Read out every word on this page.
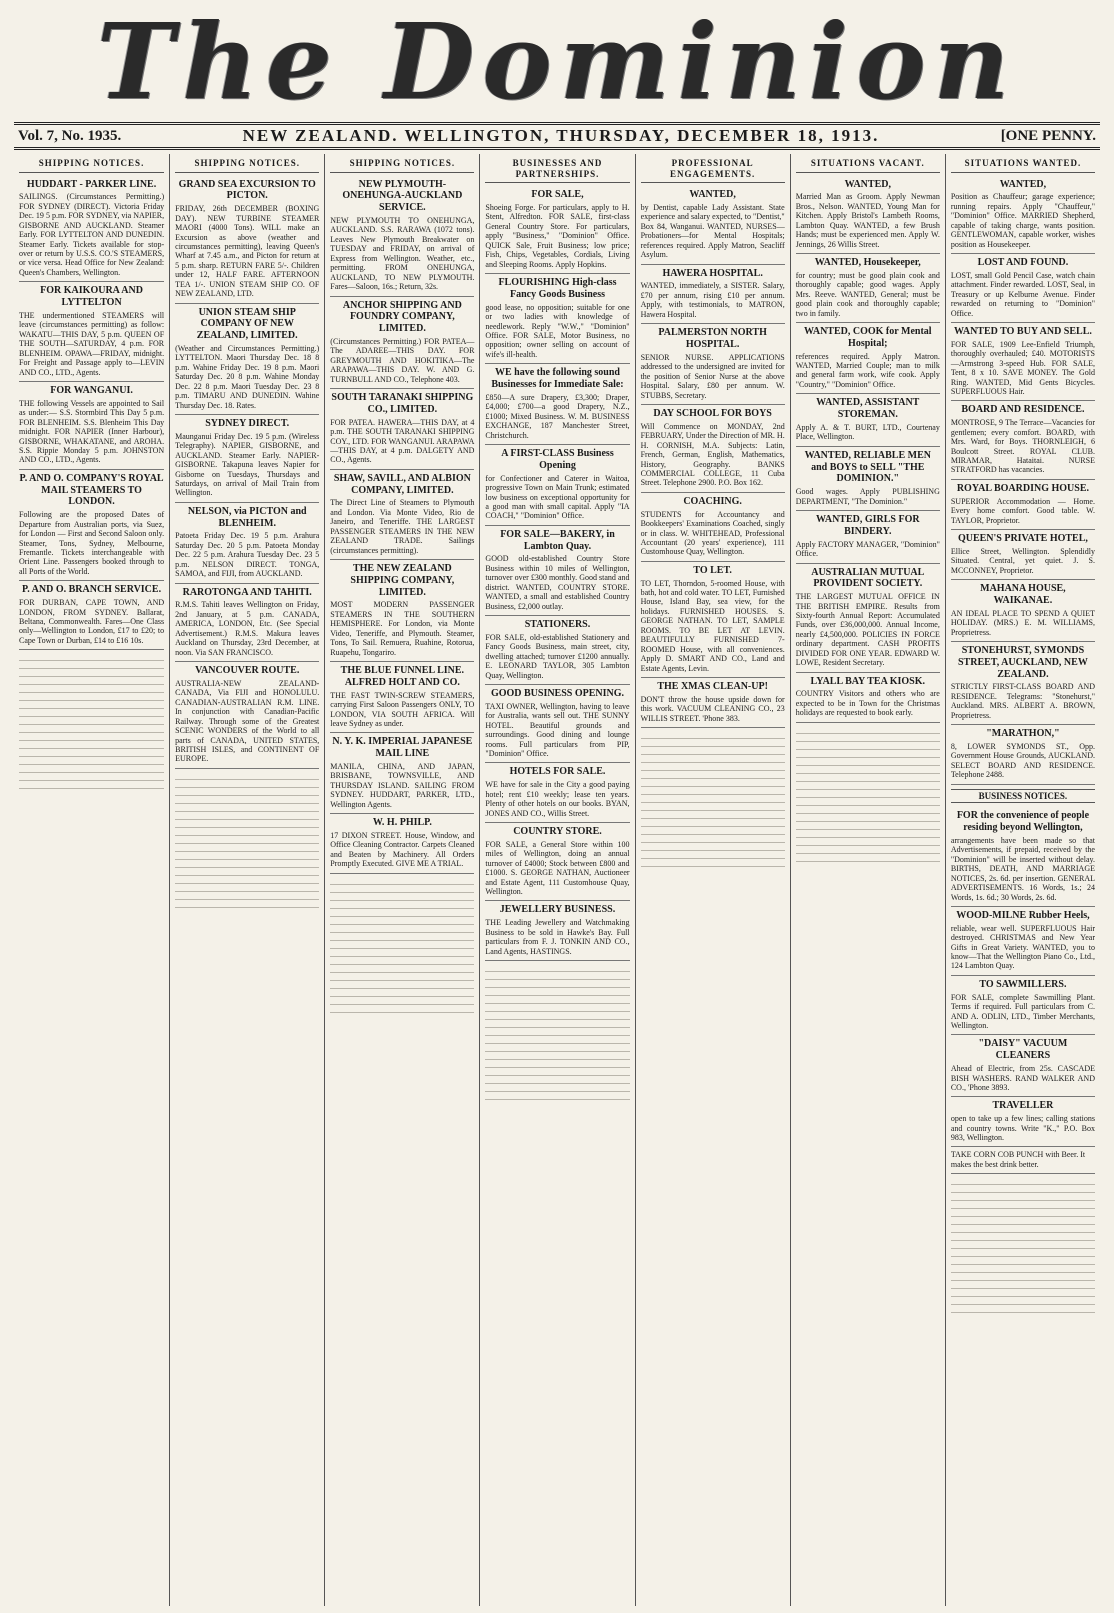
The Dominion
Vol. 7, No. 1935.	NEW ZEALAND. WELLINGTON, THURSDAY, DECEMBER 18, 1913.	[ONE PENNY.
SHIPPING NOTICES.
HUDDART - PARKER LINE.
SAILINGS. (Circumstances Permitting.) FOR SYDNEY (DIRECT). Victoria Friday Dec. 19 5 p.m. FOR SYDNEY, via NAPIER, GISBORNE AND AUCKLAND. Steamer Early. FOR LYTTELTON AND DUNEDIN. Steamer Early. Tickets available for stop-over or return by U.S.S. CO.'S STEAMERS, or vice versa. Head Office for New Zealand: Queen's Chambers, Wellington.
FOR KAIKOURA AND LYTTELTON
THE undermentioned STEAMERS will leave (circumstances permitting) as follow: WAKATU—THIS DAY, 5 p.m. QUEEN OF THE SOUTH—SATURDAY, 4 p.m. FOR BLENHEIM. OPAWA—FRIDAY, midnight. For Freight and Passage apply to—LEVIN AND CO., LTD., Agents.
FOR WANGANUI.
THE following Vessels are appointed to Sail as under:— S.S. Stormbird This Day 5 p.m. FOR BLENHEIM. S.S. Blenheim This Day midnight. FOR NAPIER (Inner Harbour), GISBORNE, WHAKATANE, and AROHA. S.S. Rippie Monday 5 p.m. JOHNSTON AND CO., LTD., Agents.
P. AND O. COMPANY'S ROYAL MAIL STEAMERS TO LONDON.
Following are the proposed Dates of Departure from Australian ports, via Suez, for London — First and Second Saloon only. Steamer, Tons, Sydney, Melbourne, Fremantle. Tickets interchangeable with Orient Line. Passengers booked through to all Ports of the World.
P. AND O. BRANCH SERVICE.
FOR DURBAN, CAPE TOWN, AND LONDON, FROM SYDNEY. Ballarat, Beltana, Commonwealth. Fares—One Class only—Wellington to London, £17 to £20; to Cape Town or Durban, £14 to £16 10s.
SHIPPING NOTICES.
GRAND SEA EXCURSION TO PICTON.
FRIDAY, 26th DECEMBER (BOXING DAY). NEW TURBINE STEAMER MAORI (4000 Tons). WILL make an Excursion as above (weather and circumstances permitting), leaving Queen's Wharf at 7.45 a.m., and Picton for return at 5 p.m. sharp. RETURN FARE 5/-. Children under 12, HALF FARE. AFTERNOON TEA 1/-. UNION STEAM SHIP CO. OF NEW ZEALAND, LTD.
UNION STEAM SHIP COMPANY OF NEW ZEALAND, LIMITED.
(Weather and Circumstances Permitting.) LYTTELTON. Maori Thursday Dec. 18 8 p.m. Wahine Friday Dec. 19 8 p.m. Maori Saturday Dec. 20 8 p.m. Wahine Monday Dec. 22 8 p.m. Maori Tuesday Dec. 23 8 p.m. TIMARU AND DUNEDIN. Wahine Thursday Dec. 18. Rates.
SYDNEY DIRECT.
Maunganui Friday Dec. 19 5 p.m. (Wireless Telegraphy). NAPIER, GISBORNE, and AUCKLAND. Steamer Early. NAPIER-GISBORNE. Takapuna leaves Napier for Gisborne on Tuesdays, Thursdays and Saturdays, on arrival of Mail Train from Wellington.
NELSON, via PICTON and BLENHEIM.
Patoeta Friday Dec. 19 5 p.m. Arahura Saturday Dec. 20 5 p.m. Patoeta Monday Dec. 22 5 p.m. Arahura Tuesday Dec. 23 5 p.m. NELSON DIRECT. TONGA, SAMOA, and FIJI, from AUCKLAND.
RAROTONGA AND TAHITI.
R.M.S. Tahiti leaves Wellington on Friday, 2nd January, at 5 p.m. CANADA, AMERICA, LONDON, Etc. (See Special Advertisement.) R.M.S. Makura leaves Auckland on Thursday, 23rd December, at noon. Via SAN FRANCISCO.
VANCOUVER ROUTE.
AUSTRALIA-NEW ZEALAND-CANADA, Via FIJI and HONOLULU. CANADIAN-AUSTRALIAN R.M. LINE. In conjunction with Canadian-Pacific Railway. Through some of the Greatest SCENIC WONDERS of the World to all parts of CANADA, UNITED STATES, BRITISH ISLES, and CONTINENT OF EUROPE.
SHIPPING NOTICES.
NEW PLYMOUTH-ONEHUNGA-AUCKLAND SERVICE.
NEW PLYMOUTH TO ONEHUNGA, AUCKLAND. S.S. RARAWA (1072 tons). Leaves New Plymouth Breakwater on TUESDAY and FRIDAY, on arrival of Express from Wellington. Weather, etc., permitting. FROM ONEHUNGA, AUCKLAND, TO NEW PLYMOUTH. Fares—Saloon, 16s.; Return, 32s.
ANCHOR SHIPPING AND FOUNDRY COMPANY, LIMITED.
(Circumstances Permitting.) FOR PATEA—The ADAREE—THIS DAY. FOR GREYMOUTH AND HOKITIKA—The ARAPAWA—THIS DAY. W. AND G. TURNBULL AND CO., Telephone 403.
SOUTH TARANAKI SHIPPING CO., LIMITED.
FOR PATEA. HAWERA—THIS DAY, at 4 p.m. THE SOUTH TARANAKI SHIPPING COY., LTD. FOR WANGANUI. ARAPAWA—THIS DAY, at 4 p.m. DALGETY AND CO., Agents.
SHAW, SAVILL, AND ALBION COMPANY, LIMITED.
The Direct Line of Steamers to Plymouth and London. Via Monte Video, Rio de Janeiro, and Teneriffe. THE LARGEST PASSENGER STEAMERS IN THE NEW ZEALAND TRADE. Sailings (circumstances permitting).
THE NEW ZEALAND SHIPPING COMPANY, LIMITED.
MOST MODERN PASSENGER STEAMERS IN THE SOUTHERN HEMISPHERE. For London, via Monte Video, Teneriffe, and Plymouth. Steamer, Tons, To Sail. Remuera, Ruahine, Rotorua, Ruapehu, Tongariro.
THE BLUE FUNNEL LINE. ALFRED HOLT AND CO.
THE FAST TWIN-SCREW STEAMERS, carrying First Saloon Passengers ONLY, TO LONDON, VIA SOUTH AFRICA. Will leave Sydney as under.
N. Y. K. IMPERIAL JAPANESE MAIL LINE
MANILA, CHINA, AND JAPAN, BRISBANE, TOWNSVILLE, AND THURSDAY ISLAND. SAILING FROM SYDNEY. HUDDART, PARKER, LTD., Wellington Agents.
W. H. PHILP.
17 DIXON STREET. House, Window, and Office Cleaning Contractor. Carpets Cleaned and Beaten by Machinery. All Orders Promptly Executed. GIVE ME A TRIAL.
BUSINESSES AND PARTNERSHIPS.
FOR SALE,
Shoeing Forge. For particulars, apply to H. Stent, Alfredton. FOR SALE, first-class General Country Store. For particulars, apply "Business," "Dominion" Office. QUICK Sale, Fruit Business; low price; Fish, Chips, Vegetables, Cordials, Living and Sleeping Rooms. Apply Hopkins.
FLOURISHING High-class Fancy Goods Business
good lease, no opposition; suitable for one or two ladies with knowledge of needlework. Reply "W.W.," "Dominion" Office. FOR SALE, Motor Business, no opposition; owner selling on account of wife's ill-health.
WE have the following sound Businesses for Immediate Sale:
£850—A sure Drapery, £3,300; Draper, £4,000; £700—a good Drapery, N.Z., £1000; Mixed Business. W. M. BUSINESS EXCHANGE, 187 Manchester Street, Christchurch.
A FIRST-CLASS Business Opening
for Confectioner and Caterer in Waitoa, progressive Town on Main Trunk; estimated low business on exceptional opportunity for a good man with small capital. Apply "IA COACH," "Dominion" Office.
FOR SALE—BAKERY, in Lambton Quay.
GOOD old-established Country Store Business within 10 miles of Wellington, turnover over £300 monthly. Good stand and district. WANTED, COUNTRY STORE. WANTED, a small and established Country Business, £2,000 outlay.
STATIONERS.
FOR SALE, old-established Stationery and Fancy Goods Business, main street, city, dwelling attached; turnover £1200 annually. E. LEONARD TAYLOR, 305 Lambton Quay, Wellington.
GOOD BUSINESS OPENING.
TAXI OWNER, Wellington, having to leave for Australia, wants sell out. THE SUNNY HOTEL. Beautiful grounds and surroundings. Good dining and lounge rooms. Full particulars from PIP, "Dominion" Office.
HOTELS FOR SALE.
WE have for sale in the City a good paying hotel; rent £10 weekly; lease ten years. Plenty of other hotels on our books. BYAN, JONES AND CO., Willis Street.
COUNTRY STORE.
FOR SALE, a General Store within 100 miles of Wellington, doing an annual turnover of £4000; Stock between £800 and £1000. S. GEORGE NATHAN, Auctioneer and Estate Agent, 111 Customhouse Quay, Wellington.
JEWELLERY BUSINESS.
THE Leading Jewellery and Watchmaking Business to be sold in Hawke's Bay. Full particulars from F. J. TONKIN AND CO., Land Agents, HASTINGS.
PROFESSIONAL ENGAGEMENTS.
WANTED,
by Dentist, capable Lady Assistant. State experience and salary expected, to "Dentist," Box 84, Wanganui. WANTED, NURSES—Probationers—for Mental Hospitals; references required. Apply Matron, Seacliff Asylum.
HAWERA HOSPITAL.
WANTED, immediately, a SISTER. Salary, £70 per annum, rising £10 per annum. Apply, with testimonials, to MATRON, Hawera Hospital.
PALMERSTON NORTH HOSPITAL.
SENIOR NURSE. APPLICATIONS addressed to the undersigned are invited for the position of Senior Nurse at the above Hospital. Salary, £80 per annum. W. STUBBS, Secretary.
DAY SCHOOL FOR BOYS
Will Commence on MONDAY, 2nd FEBRUARY, Under the Direction of MR. H. H. CORNISH, M.A. Subjects: Latin, French, German, English, Mathematics, History, Geography. BANKS COMMERCIAL COLLEGE, 11 Cuba Street. Telephone 2900. P.O. Box 162.
COACHING.
STUDENTS for Accountancy and Bookkeepers' Examinations Coached, singly or in class. W. WHITEHEAD, Professional Accountant (20 years' experience), 111 Customhouse Quay, Wellington.
TO LET.
TO LET, Thorndon, 5-roomed House, with bath, hot and cold water. TO LET, Furnished House, Island Bay, sea view, for the holidays. FURNISHED HOUSES. S. GEORGE NATHAN. TO LET, SAMPLE ROOMS. TO BE LET AT LEVIN. BEAUTIFULLY FURNISHED 7-ROOMED House, with all conveniences. Apply D. SMART AND CO., Land and Estate Agents, Levin.
THE XMAS CLEAN-UP!
DON'T throw the house upside down for this work. VACUUM CLEANING CO., 23 WILLIS STREET. 'Phone 383.
SITUATIONS VACANT.
WANTED,
Married Man as Groom. Apply Newman Bros., Nelson. WANTED, Young Man for Kitchen. Apply Bristol's Lambeth Rooms, Lambton Quay. WANTED, a few Brush Hands; must be experienced men. Apply W. Jennings, 26 Willis Street.
WANTED, Housekeeper,
for country; must be good plain cook and thoroughly capable; good wages. Apply Mrs. Reeve. WANTED, General; must be good plain cook and thoroughly capable; two in family.
WANTED, COOK for Mental Hospital;
references required. Apply Matron. WANTED, Married Couple; man to milk and general farm work, wife cook. Apply "Country," "Dominion" Office.
WANTED, ASSISTANT STOREMAN.
Apply A. & T. BURT, LTD., Courtenay Place, Wellington.
WANTED, RELIABLE MEN and BOYS to SELL "THE DOMINION."
Good wages. Apply PUBLISHING DEPARTMENT, "The Dominion."
WANTED, GIRLS FOR BINDERY.
Apply FACTORY MANAGER, "Dominion" Office.
AUSTRALIAN MUTUAL PROVIDENT SOCIETY.
THE LARGEST MUTUAL OFFICE IN THE BRITISH EMPIRE. Results from Sixty-fourth Annual Report: Accumulated Funds, over £36,000,000. Annual Income, nearly £4,500,000. POLICIES IN FORCE ordinary department. CASH PROFITS DIVIDED FOR ONE YEAR. EDWARD W. LOWE, Resident Secretary.
LYALL BAY TEA KIOSK.
COUNTRY Visitors and others who are expected to be in Town for the Christmas holidays are requested to book early.
SITUATIONS WANTED.
WANTED,
Position as Chauffeur; garage experience; running repairs. Apply "Chauffeur," "Dominion" Office. MARRIED Shepherd, capable of taking charge, wants position. GENTLEWOMAN, capable worker, wishes position as Housekeeper.
LOST AND FOUND.
LOST, small Gold Pencil Case, watch chain attachment. Finder rewarded. LOST, Seal, in Treasury or up Kelburne Avenue. Finder rewarded on returning to "Dominion" Office.
WANTED TO BUY AND SELL.
FOR SALE, 1909 Lee-Enfield Triumph, thoroughly overhauled; £40. MOTORISTS—Armstrong 3-speed Hub. FOR SALE, Tent, 8 x 10. SAVE MONEY. The Gold Ring. WANTED, Mid Gents Bicycles. SUPERFLUOUS Hair.
BOARD AND RESIDENCE.
MONTROSE, 9 The Terrace—Vacancies for gentlemen; every comfort. BOARD, with Mrs. Ward, for Boys. THORNLEIGH, 6 Boulcott Street. ROYAL CLUB. MIRAMAR, Hataitai. NURSE STRATFORD has vacancies.
ROYAL BOARDING HOUSE.
SUPERIOR Accommodation — Home. Every home comfort. Good table. W. TAYLOR, Proprietor.
QUEEN'S PRIVATE HOTEL,
Ellice Street, Wellington. Splendidly Situated. Central, yet quiet. J. S. MCCONNEY, Proprietor.
MAHANA HOUSE, WAIKANAE.
AN IDEAL PLACE TO SPEND A QUIET HOLIDAY. (MRS.) E. M. WILLIAMS, Proprietress.
STONEHURST, SYMONDS STREET, AUCKLAND, NEW ZEALAND.
STRICTLY FIRST-CLASS BOARD AND RESIDENCE. Telegrams: "Stonehurst," Auckland. MRS. ALBERT A. BROWN, Proprietress.
"MARATHON,"
8, LOWER SYMONDS ST., Opp. Government House Grounds, AUCKLAND. SELECT BOARD AND RESIDENCE. Telephone 2488.
BUSINESS NOTICES.
FOR the convenience of people residing beyond Wellington,
arrangements have been made so that Advertisements, if prepaid, received by the "Dominion" will be inserted without delay. BIRTHS, DEATH, AND MARRIAGE NOTICES, 2s. 6d. per insertion. GENERAL ADVERTISEMENTS. 16 Words, 1s.; 24 Words, 1s. 6d.; 30 Words, 2s. 6d.
WOOD-MILNE Rubber Heels,
reliable, wear well. SUPERFLUOUS Hair destroyed. CHRISTMAS and New Year Gifts in Great Variety. WANTED, you to know—That the Wellington Piano Co., Ltd., 124 Lambton Quay.
TO SAWMILLERS.
FOR SALE, complete Sawmilling Plant. Terms if required. Full particulars from C. AND A. ODLIN, LTD., Timber Merchants, Wellington.
"DAISY" VACUUM CLEANERS
Ahead of Electric, from 25s. CASCADE BISH WASHERS. RAND WALKER AND CO., 'Phone 3893.
TRAVELLER
open to take up a few lines; calling stations and country towns. Write "K.," P.O. Box 983, Wellington.
TAKE CORN COB PUNCH with Beer. It makes the best drink better.
